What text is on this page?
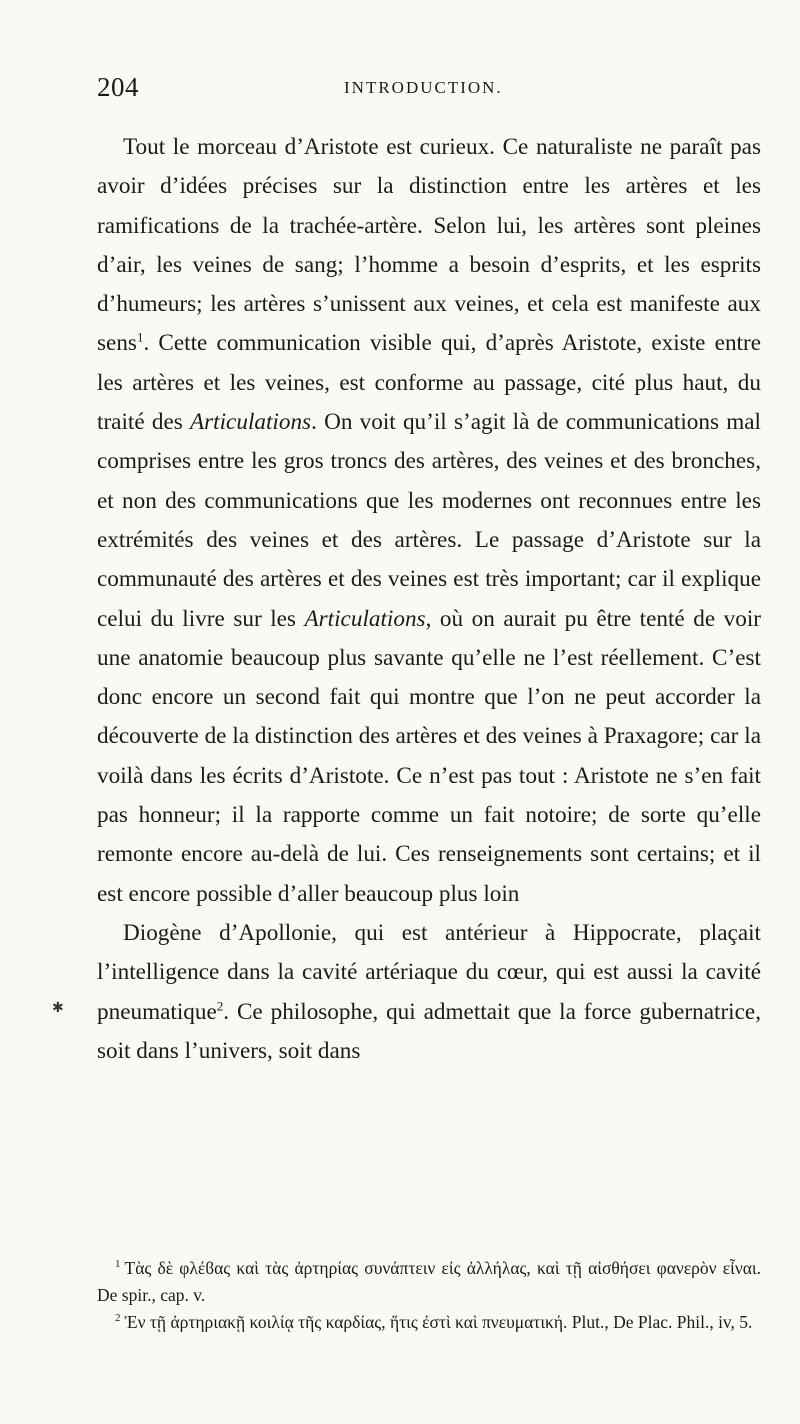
204	INTRODUCTION.

Tout le morceau d’Aristote est curieux. Ce naturaliste ne paraît pas avoir d’idées précises sur la distinction entre les artères et les ramifications de la trachée-artère. Selon lui, les artères sont pleines d’air, les veines de sang; l’homme a besoin d’esprits, et les esprits d’humeurs; les artères s’unissent aux veines, et cela est manifeste aux sens$^1$. Cette communication visible qui, d’après Aristote, existe entre les artères et les veines, est conforme au passage, cité plus haut, du traité des Articulations. On voit qu’il s’agit là de communications mal comprises entre les gros troncs des artères, des veines et des bronches, et non des communications que les modernes ont reconnues entre les extrémités des veines et des artères. Le passage d’Aristote sur la communauté des artères et des veines est très important; car il explique celui du livre sur les Articulations, où on aurait pu être tenté de voir une anatomie beaucoup plus savante qu’elle ne l’est réellement. C’est donc encore un second fait qui montre que l’on ne peut accorder la découverte de la distinction des artères et des veines à Praxagore; car la voilà dans les écrits d’Aristote. Ce n’est pas tout : Aristote ne s’en fait pas honneur; il la rapporte comme un fait notoire; de sorte qu’elle remonte encore au-delà de lui. Ces renseignements sont certains; et il est encore possible d’aller beaucoup plus loin

Diogène d’Apollonie, qui est antérieur à Hippocrate, plaçait l’intelligence dans la cavité artériaque du cœur, qui est aussi la cavité pneumatique$^2$. Ce philosophe, qui admettait que la force gubernatrice, soit dans l’univers, soit dans

$^1$ Τὰς δὲ φλέϐας καὶ τὰς ἀρτηρίας συνάπτειν εἰς ἀλλήλας, καὶ τῇ αἰσθήσει φανερὸν εἶναι. De spir., cap. v.

$^2$ Ἐν τῇ ἀρτηριακῇ κοιλίᾳ τῆς καρδίας, ἥτις ἐστὶ καὶ πνευματική. Plut., De Plac. Phil., iv, 5.

✱
